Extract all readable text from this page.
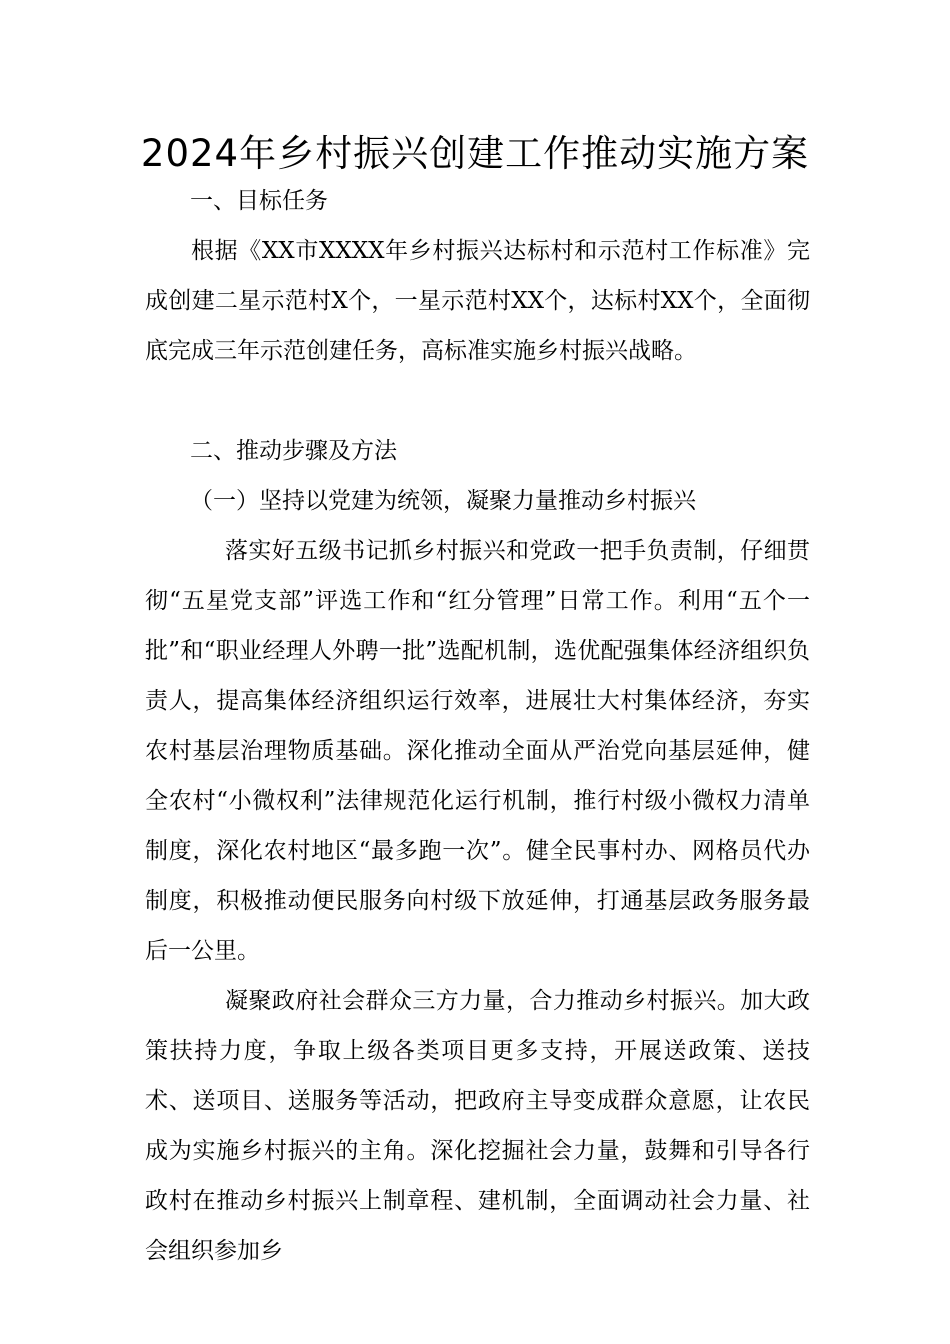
2024年乡村振兴创建工作推动实施方案
一、目标任务
根据《XX市XXXX年乡村振兴达标村和示范村工作标准》完成创建二星示范村X个，一星示范村XX个，达标村XX个，全面彻底完成三年示范创建任务，高标准实施乡村振兴战略。
二、推动步骤及方法
（一）坚持以党建为统领，凝聚力量推动乡村振兴
落实好五级书记抓乡村振兴和党政一把手负责制，仔细贯彻“五星党支部”评选工作和“红分管理”日常工作。利用“五个一批”和“职业经理人外聘一批”选配机制，选优配强集体经济组织负责人，提高集体经济组织运行效率，进展壮大村集体经济，夯实农村基层治理物质基础。深化推动全面从严治党向基层延伸，健全农村“小微权利”法律规范化运行机制，推行村级小微权力清单制度，深化农村地区“最多跑一次”。健全民事村办、网格员代办制度，积极推动便民服务向村级下放延伸，打通基层政务服务最后一公里。
凝聚政府社会群众三方力量，合力推动乡村振兴。加大政策扶持力度，争取上级各类项目更多支持，开展送政策、送技术、送项目、送服务等活动，把政府主导变成群众意愿，让农民成为实施乡村振兴的主角。深化挖掘社会力量，鼓舞和引导各行政村在推动乡村振兴上制章程、建机制，全面调动社会力量、社会组织参加乡
